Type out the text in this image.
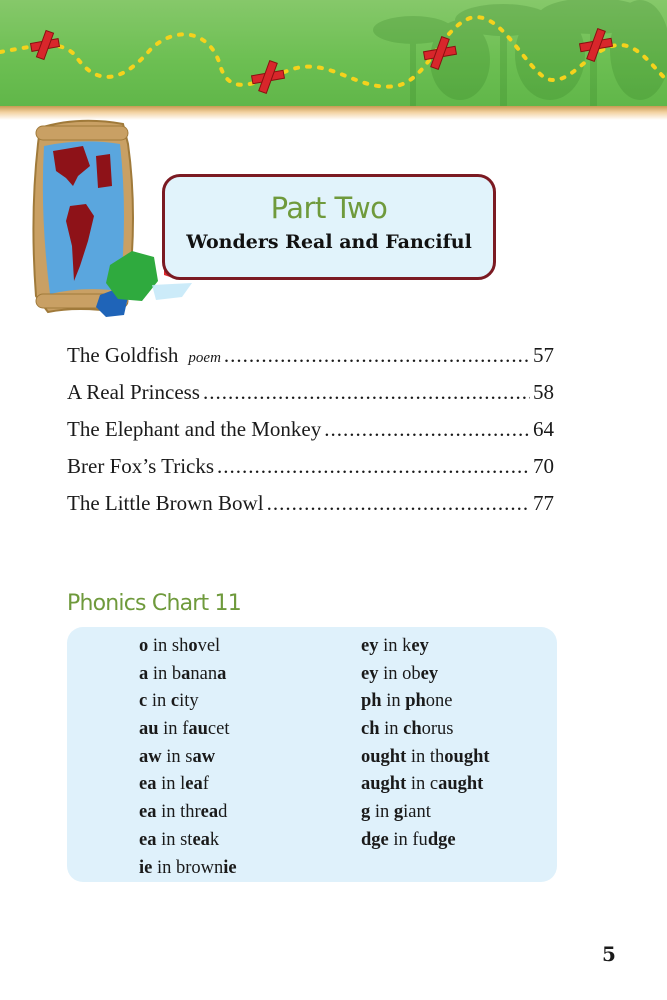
Part Two
Wonders Real and Fanciful
The Goldfish poem .....	57
A Real Princess .....	58
The Elephant and the Monkey .....	64
Brer Fox’s Tricks .....	70
The Little Brown Bowl .....	77
Phonics Chart 11
o in shovel
a in banana
c in city
au in faucet
aw in saw
ea in leaf
ea in thread
ea in steak
ie in brownie
ey in key
ey in obey
ph in phone
ch in chorus
ought in thought
aught in caught
g in giant
dge in fudge
5
